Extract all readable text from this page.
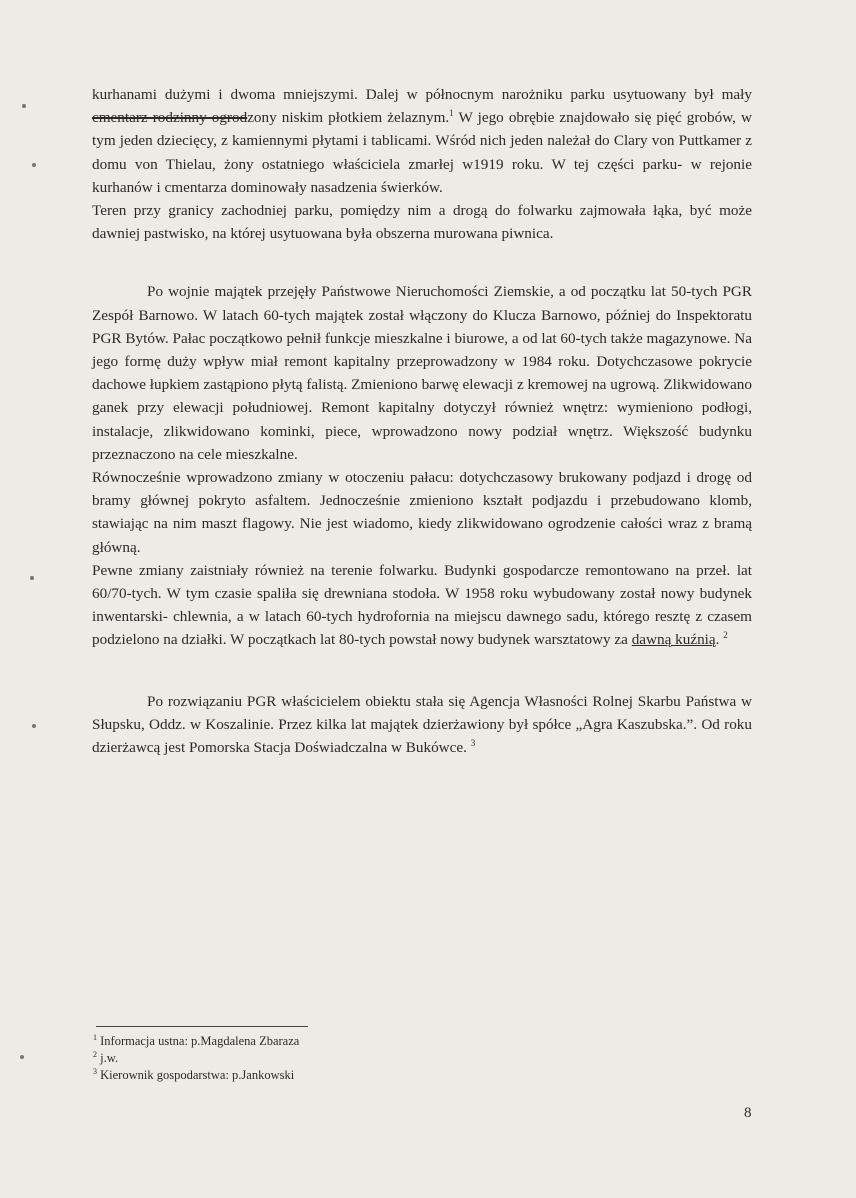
kurhanami dużymi i dwoma mniejszymi. Dalej w północnym narożniku parku usytuowany był mały cmentarz rodzinny ogrodzony niskim płotkiem żelaznym.$^1$ W jego obrębie znajdowało się pięć grobów, w tym jeden dziecięcy, z kamiennymi płytami i tablicami. Wśród nich jeden należał do Clary von Puttkamer z domu von Thielau, żony ostatniego właściciela zmarłej w1919 roku. W tej części parku- w rejonie kurhanów i cmentarza dominowały nasadzenia świerków.

Teren przy granicy zachodniej parku, pomiędzy nim a drogą do folwarku zajmowała łąka, być może dawniej pastwisko, na której usytuowana była obszerna murowana piwnica.

Po wojnie majątek przejęły Państwowe Nieruchomości Ziemskie, a od początku lat 50-tych PGR Zespół Barnowo. W latach 60-tych majątek został włączony do Klucza Barnowo, później do Inspektoratu PGR Bytów. Pałac początkowo pełnił funkcje mieszkalne i biurowe, a od lat 60-tych także magazynowe. Na jego formę duży wpływ miał remont kapitalny przeprowadzony w 1984 roku. Dotychczasowe pokrycie dachowe łupkiem zastąpiono płytą falistą. Zmieniono barwę elewacji z kremowej na ugrową. Zlikwidowano ganek przy elewacji południowej. Remont kapitalny dotyczył również wnętrz: wymieniono podłogi, instalacje, zlikwidowano kominki, piece, wprowadzono nowy podział wnętrz. Większość budynku przeznaczono na cele mieszkalne.

Równocześnie wprowadzono zmiany w otoczeniu pałacu: dotychczasowy brukowany podjazd i drogę od bramy głównej pokryto asfaltem. Jednocześnie zmieniono kształt podjazdu i przebudowano klomb, stawiając na nim maszt flagowy. Nie jest wiadomo, kiedy zlikwidowano ogrodzenie całości wraz z bramą główną.

Pewne zmiany zaistniały również na terenie folwarku. Budynki gospodarcze remontowano na przeł. lat 60/70-tych. W tym czasie spaliła się drewniana stodoła. W 1958 roku wybudowany został nowy budynek inwentarski- chlewnia, a w latach 60-tych hydrofornia na miejscu dawnego sadu, którego resztę z czasem podzielono na działki. W początkach lat 80-tych powstał nowy budynek warsztatowy za dawną kuźnią. $^2$

Po rozwiązaniu PGR właścicielem obiektu stała się Agencja Własności Rolnej Skarbu Państwa w Słupsku, Oddz. w Koszalinie. Przez kilka lat majątek dzierżawiony był spółce „Agra Kaszubska.”. Od roku dzierżawcą jest Pomorska Stacja Doświadczalna w Bukówce. $^3$

$^1$ Informacja ustna: p.Magdalena Zbaraza

$^2$ j.w.

$^3$ Kierownik gospodarstwa: p.Jankowski

8
